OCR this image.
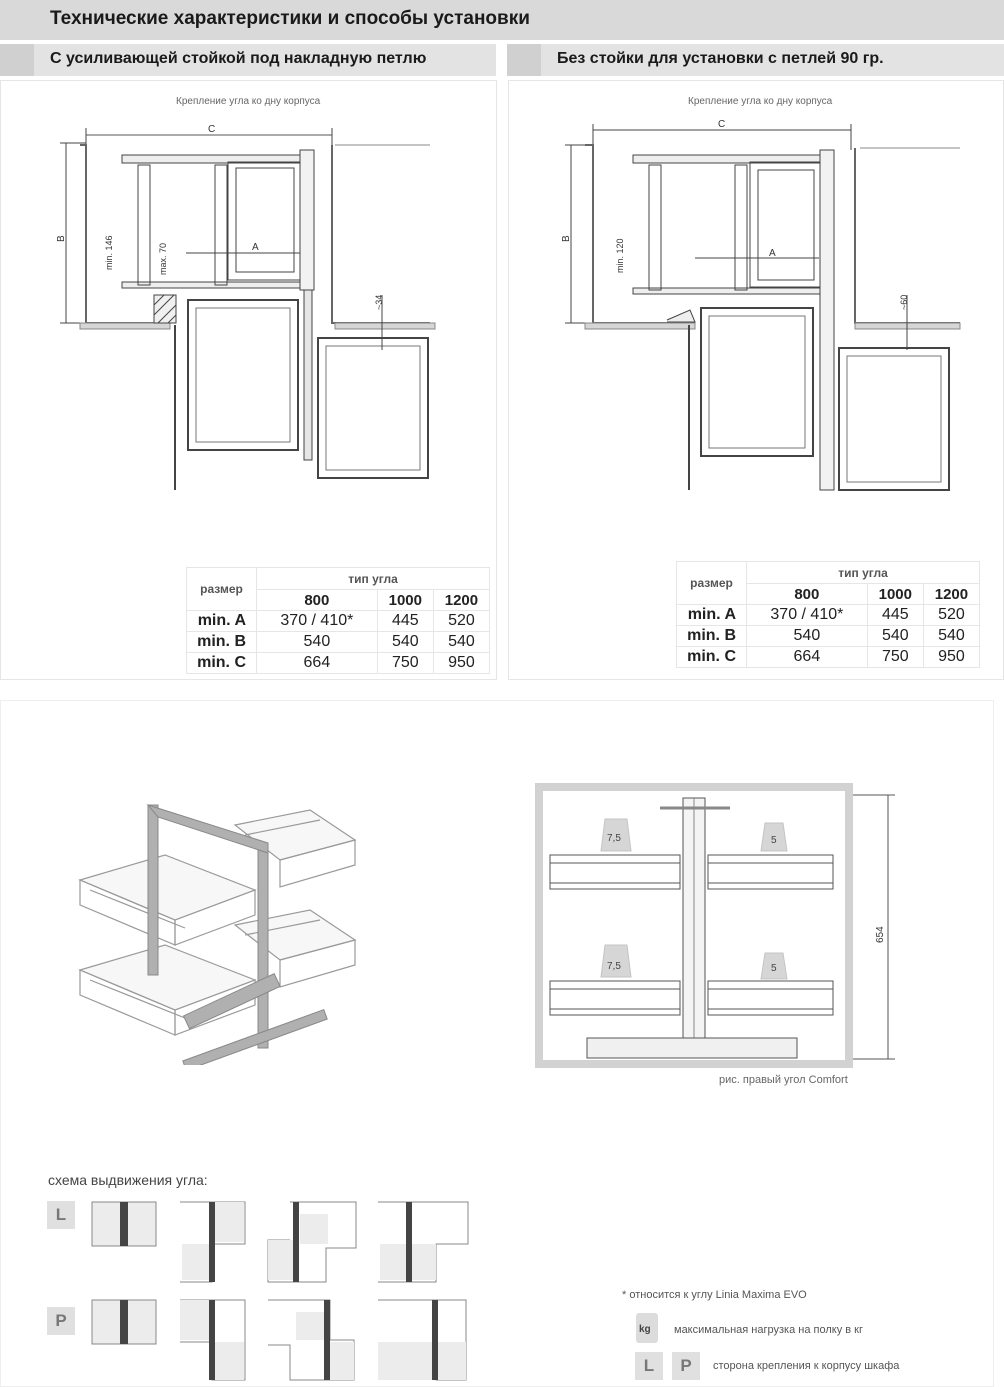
Технические характеристики и способы установки
С усиливающей стойкой под накладную петлю	Без стойки для установки с петлей 90 гр.
Крепление угла ко дну корпуса
C
B
A
min. 146	max. 70
~34
размер	тип угла		
	800	1000	1200
min. A	370 / 410*	445	520
min. B	540	540	540
min. C	664	750	950
Крепление угла ко дну корпуса
C
B
A
min. 120
~60
размер	тип угла		
	800	1000	1200
min. A	370 / 410*	445	520
min. B	540	540	540
min. C	664	750	950
7,5	5
7,5	5
654
рис. правый угол Comfort
схема выдвижения угла:
L
P
* относится к углу Linia Maxima EVO
kg максимальная нагрузка на полку в кг
L	P	сторона крепления к корпусу шкафа
